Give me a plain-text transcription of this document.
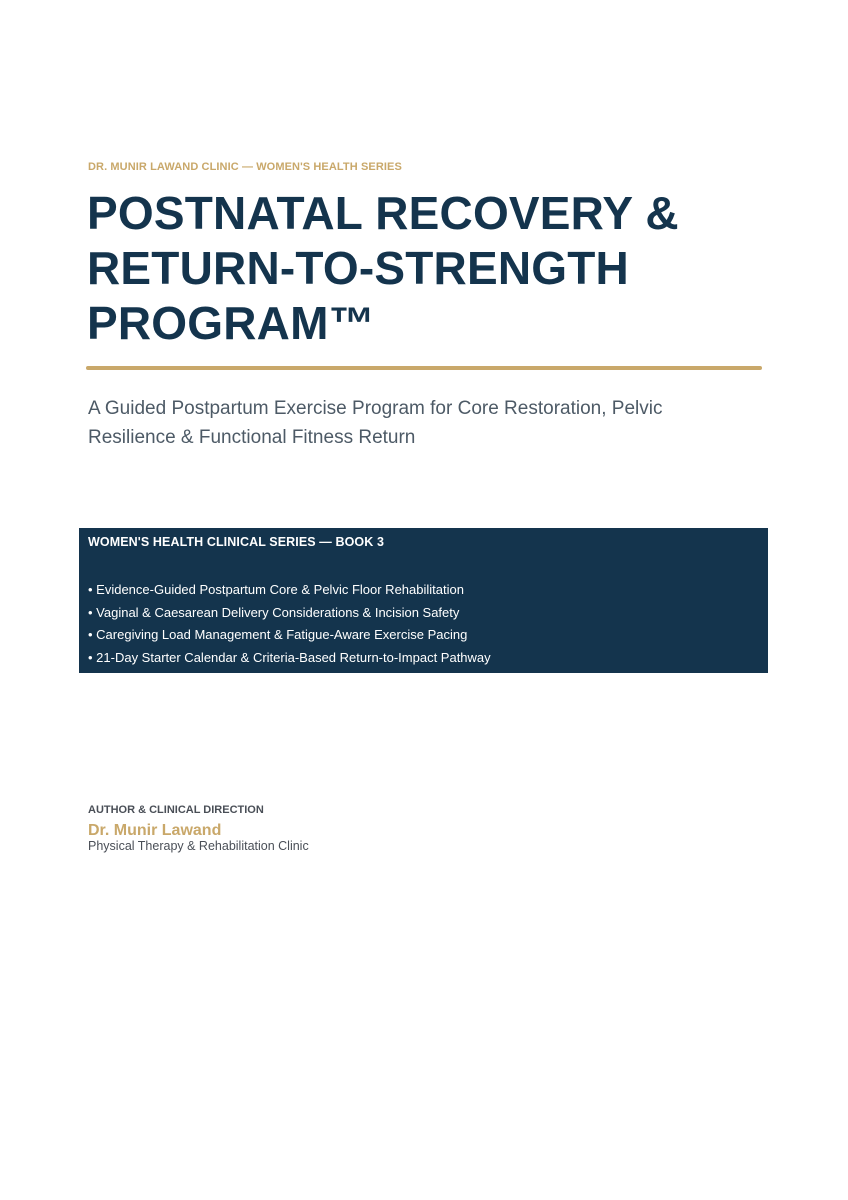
DR. MUNIR LAWAND CLINIC — WOMEN'S HEALTH SERIES
POSTNATAL RECOVERY &
RETURN-TO-STRENGTH
PROGRAM™

A Guided Postpartum Exercise Program for Core Restoration, Pelvic
Resilience & Functional Fitness Return

WOMEN'S HEALTH CLINICAL SERIES — BOOK 3
• Evidence-Guided Postpartum Core & Pelvic Floor Rehabilitation
• Vaginal & Caesarean Delivery Considerations & Incision Safety
• Caregiving Load Management & Fatigue-Aware Exercise Pacing
• 21-Day Starter Calendar & Criteria-Based Return-to-Impact Pathway
AUTHOR & CLINICAL DIRECTION
Dr. Munir Lawand
Physical Therapy & Rehabilitation Clinic
